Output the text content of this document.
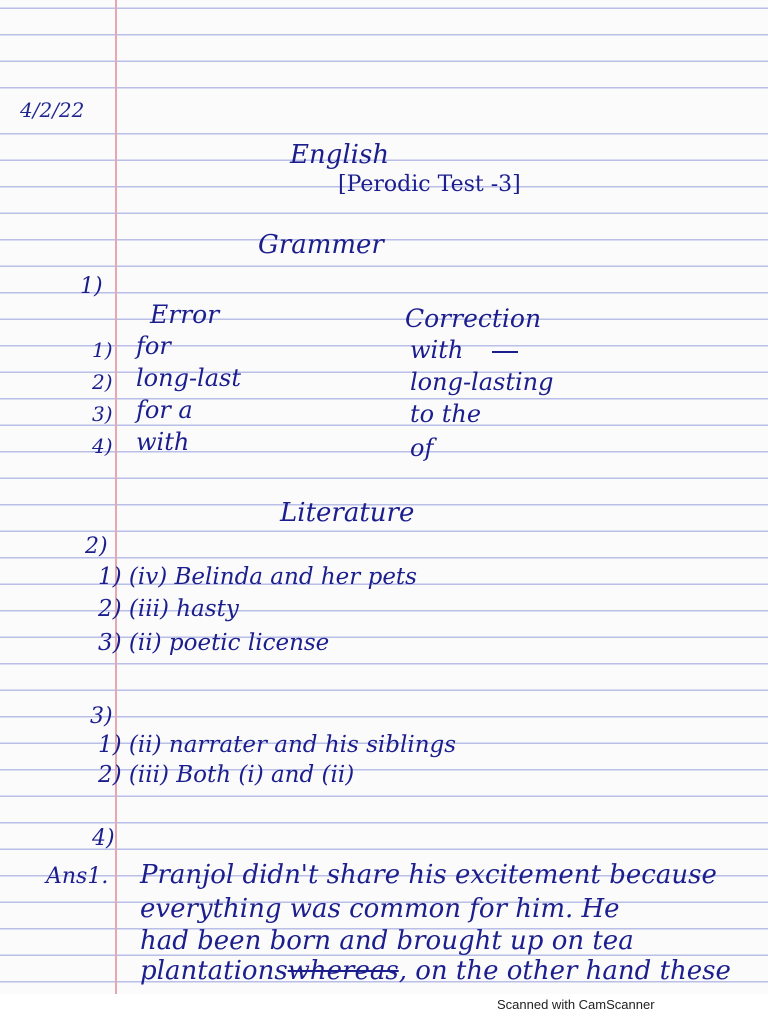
4/2/22
English
[Perodic Test -3]
Grammer
1)
Error	Correction
1) for	with
2) long-last	long-lasting
3) for a	to the
4) with	of
Literature
2)
1) (iv) Belinda and her pets
2) (iii) hasty
3) (ii) poetic license
3)
1) (ii) narrater and his siblings
2) (iii) Both (i) and (ii)
4)
Ans1. Pranjol didn't share his excitement because
everything was common for him. He
had been born and brought up on tea
plantationswhereas, on the other hand these
Scanned with CamScanner
